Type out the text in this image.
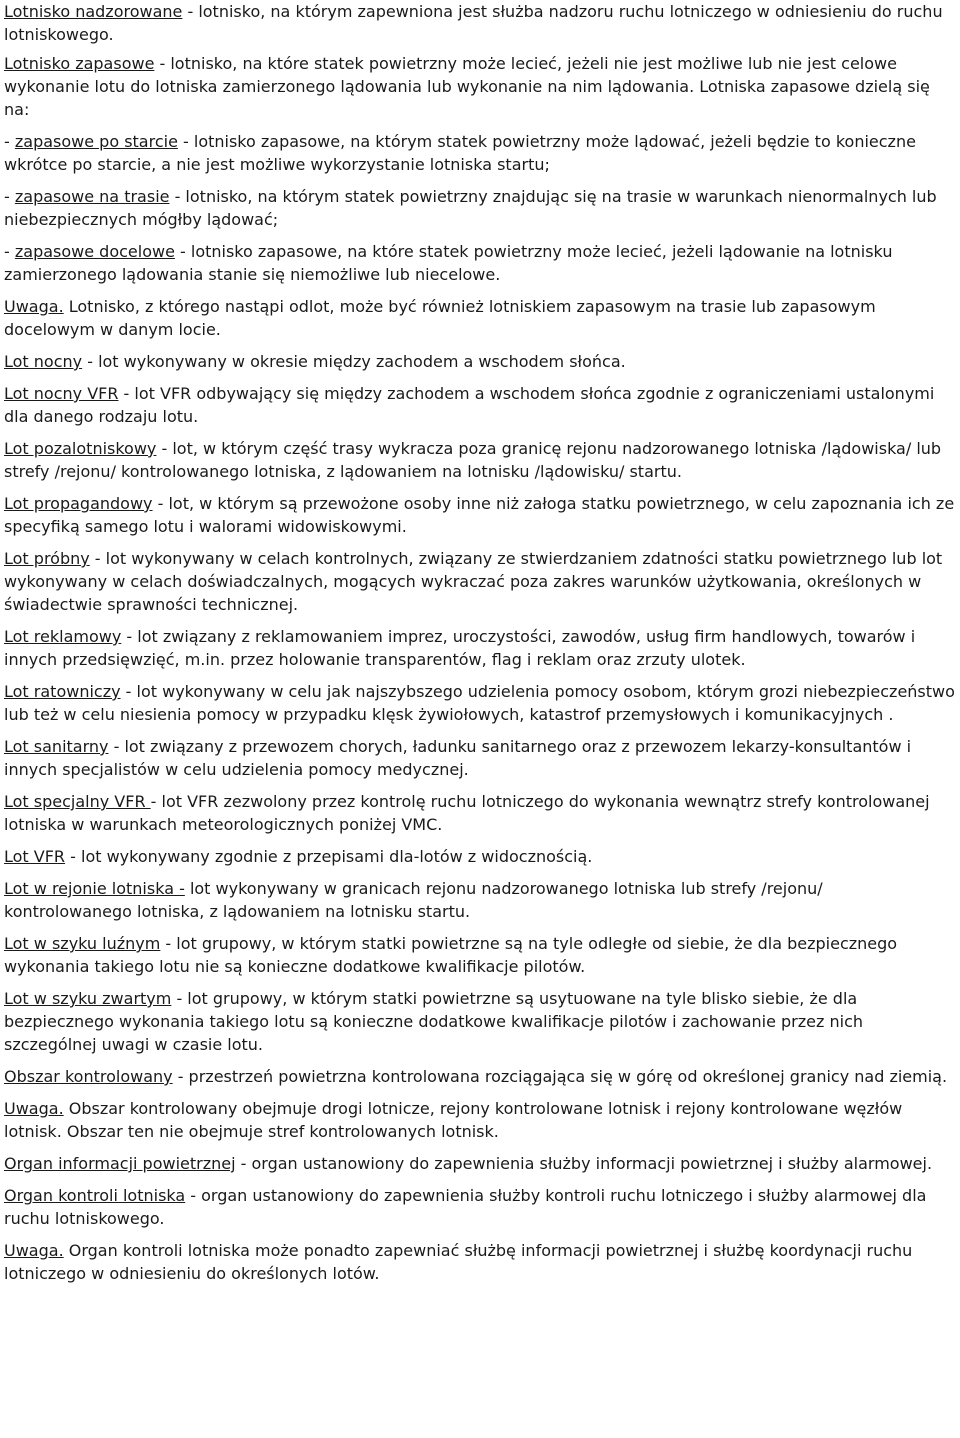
Lotnisko nadzorowane - lotnisko, na którym zapewniona jest służba nadzoru ruchu lotniczego w odniesieniu do ruchu lotniskowego.

Lotnisko zapasowe - lotnisko, na które statek powietrzny może lecieć, jeżeli nie jest możliwe lub nie jest celowe wykonanie lotu do lotniska zamierzonego lądowania lub wykonanie na nim lądowania. Lotniska zapasowe dzielą się na:

- zapasowe po starcie - lotnisko zapasowe, na którym statek powietrzny może lądować, jeżeli będzie to konieczne wkrótce po starcie, a nie jest możliwe wykorzystanie lotniska startu;

- zapasowe na trasie - lotnisko, na którym statek powietrzny znajdując się na trasie w warunkach nienormalnych lub niebezpiecznych mógłby lądować;

- zapasowe docelowe - lotnisko zapasowe, na które statek powietrzny może lecieć, jeżeli lądowanie na lotnisku zamierzonego lądowania stanie się niemożliwe lub niecelowe.

Uwaga. Lotnisko, z którego nastąpi odlot, może być również lotniskiem zapasowym na trasie lub zapasowym docelowym w danym locie.

Lot nocny - lot wykonywany w okresie między zachodem a wschodem słońca.

Lot nocny VFR - lot VFR odbywający się między zachodem a wschodem słońca zgodnie z ograniczeniami ustalonymi dla danego rodzaju lotu.

Lot pozalotniskowy - lot, w którym część trasy wykracza poza granicę rejonu nadzorowanego lotniska /lądowiska/ lub strefy /rejonu/ kontrolowanego lotniska, z lądowaniem na lotnisku /lądowisku/ startu.

Lot propagandowy - lot, w którym są przewożone osoby inne niż załoga statku powietrznego, w celu zapoznania ich ze specyfiką samego lotu i walorami widowiskowymi.

Lot próbny - lot wykonywany w celach kontrolnych, związany ze stwierdzaniem zdatności statku powietrznego lub lot wykonywany w celach doświadczalnych, mogących wykraczać poza zakres warunków użytkowania, określonych w świadectwie sprawności technicznej.

Lot reklamowy - lot związany z reklamowaniem imprez, uroczystości, zawodów, usług firm handlowych, towarów i innych przedsięwzięć, m.in. przez holowanie transparentów, flag i reklam oraz zrzuty ulotek.

Lot ratowniczy - lot wykonywany w celu jak najszybszego udzielenia pomocy osobom, którym grozi niebezpieczeństwo lub też w celu niesienia pomocy w przypadku klęsk żywiołowych, katastrof przemysłowych i komunikacyjnych .

Lot sanitarny - lot związany z przewozem chorych, ładunku sanitarnego oraz z przewozem lekarzy-konsultantów i innych specjalistów w celu udzielenia pomocy medycznej.

Lot specjalny VFR - lot VFR zezwolony przez kontrolę ruchu lotniczego do wykonania wewnątrz strefy kontrolowanej lotniska w warunkach meteorologicznych poniżej VMC.

Lot VFR - lot wykonywany zgodnie z przepisami dla-lotów z widocznością.

Lot w rejonie lotniska - lot wykonywany w granicach rejonu nadzorowanego lotniska lub strefy /rejonu/ kontrolowanego lotniska, z lądowaniem na lotnisku startu.

Lot w szyku luźnym - lot grupowy, w którym statki powietrzne są na tyle odległe od siebie, że dla bezpiecznego wykonania takiego lotu nie są konieczne dodatkowe kwalifikacje pilotów.

Lot w szyku zwartym - lot grupowy, w którym statki powietrzne są usytuowane na tyle blisko siebie, że dla bezpiecznego wykonania takiego lotu są konieczne dodatkowe kwalifikacje pilotów i zachowanie przez nich szczególnej uwagi w czasie lotu.

Obszar kontrolowany - przestrzeń powietrzna kontrolowana rozciągająca się w górę od określonej granicy nad ziemią.

Uwaga. Obszar kontrolowany obejmuje drogi lotnicze, rejony kontrolowane lotnisk i rejony kontrolowane węzłów lotnisk. Obszar ten nie obejmuje stref kontrolowanych lotnisk.

Organ informacji powietrznej - organ ustanowiony do zapewnienia służby informacji powietrznej i służby alarmowej.

Organ kontroli lotniska - organ ustanowiony do zapewnienia służby kontroli ruchu lotniczego i służby alarmowej dla ruchu lotniskowego.

Uwaga. Organ kontroli lotniska może ponadto zapewniać służbę informacji powietrznej i służbę koordynacji ruchu lotniczego w odniesieniu do określonych lotów.
